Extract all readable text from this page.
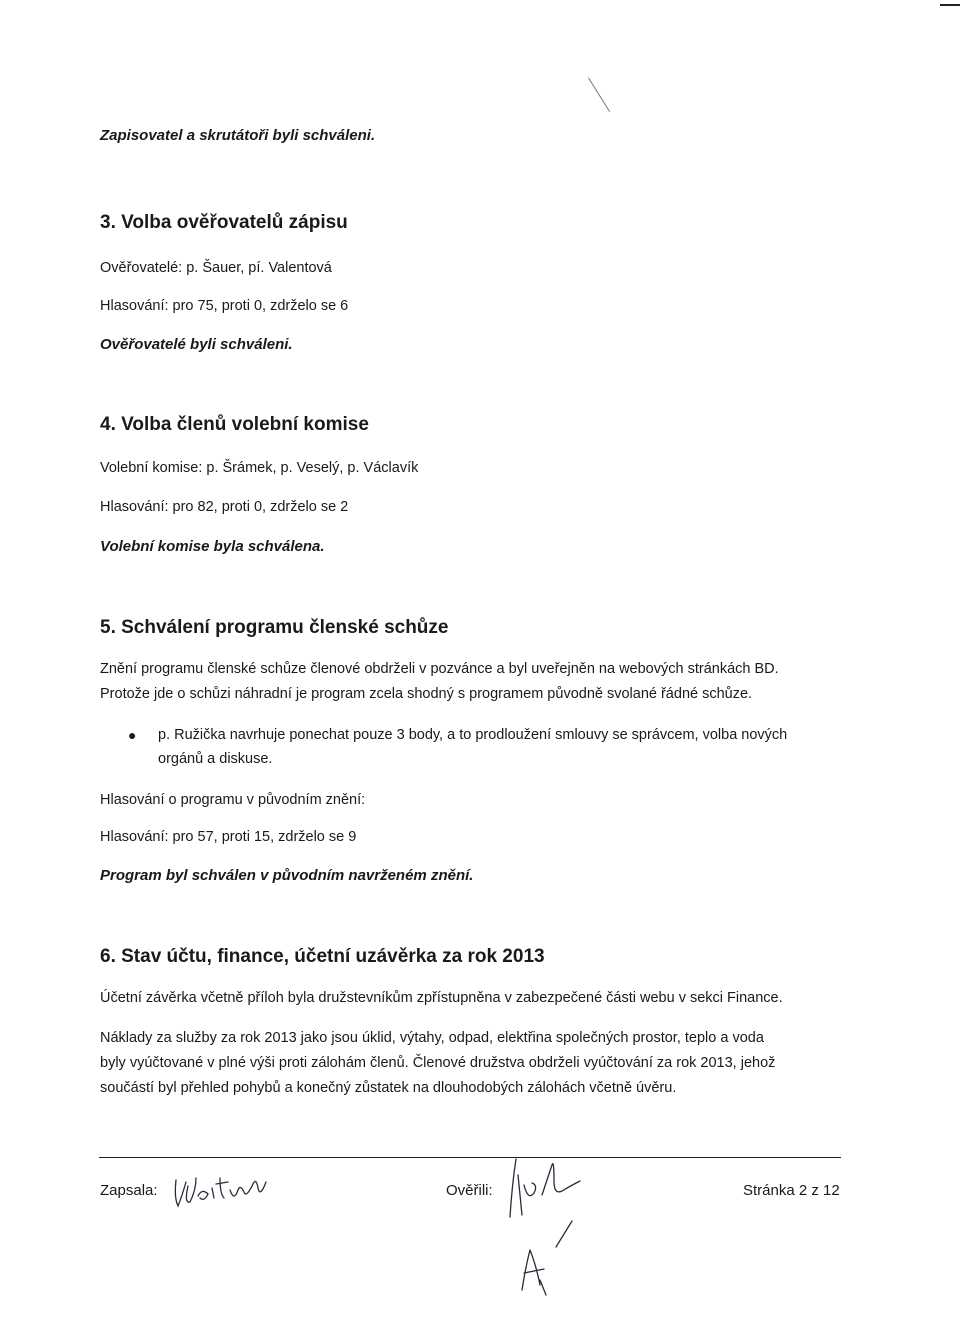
Zapisovatel a skrutátoři byli schváleni.
3. Volba ověřovatelů zápisu
Ověřovatelé: p. Šauer, pí. Valentová
Hlasování: pro 75, proti 0, zdrželo se 6
Ověřovatelé byli schváleni.
4. Volba členů volební komise
Volební komise: p. Šrámek, p. Veselý, p. Václavík
Hlasování: pro 82, proti 0, zdrželo se 2
Volební komise byla schválena.
5. Schválení programu členské schůze
Znění programu členské schůze členové obdrželi v pozvánce a byl uveřejněn na webových stránkách BD.
Protože jde o schůzi náhradní je program zcela shodný s programem původně svolané řádné schůze.
● p. Ružička navrhuje ponechat pouze 3 body, a to prodloužení smlouvy se správcem, volba nových
orgánů a diskuse.
Hlasování o programu v původním znění:
Hlasování: pro 57, proti 15, zdrželo se 9
Program byl schválen v původním navrženém znění.
6. Stav účtu, finance, účetní uzávěrka za rok 2013
Účetní závěrka včetně příloh byla družstevníkům zpřístupněna v zabezpečené části webu v sekci Finance.
Náklady za služby za rok 2013 jako jsou úklid, výtahy, odpad, elektřina společných prostor, teplo a voda
byly vyúčtované v plné výši proti zálohám členů. Členové družstva obdrželi vyúčtování za rok 2013, jehož
součástí byl přehled pohybů a konečný zůstatek na dlouhodobých zálohách včetně úvěru.
Zapsala:	Ověřili:	Stránka 2 z 12
